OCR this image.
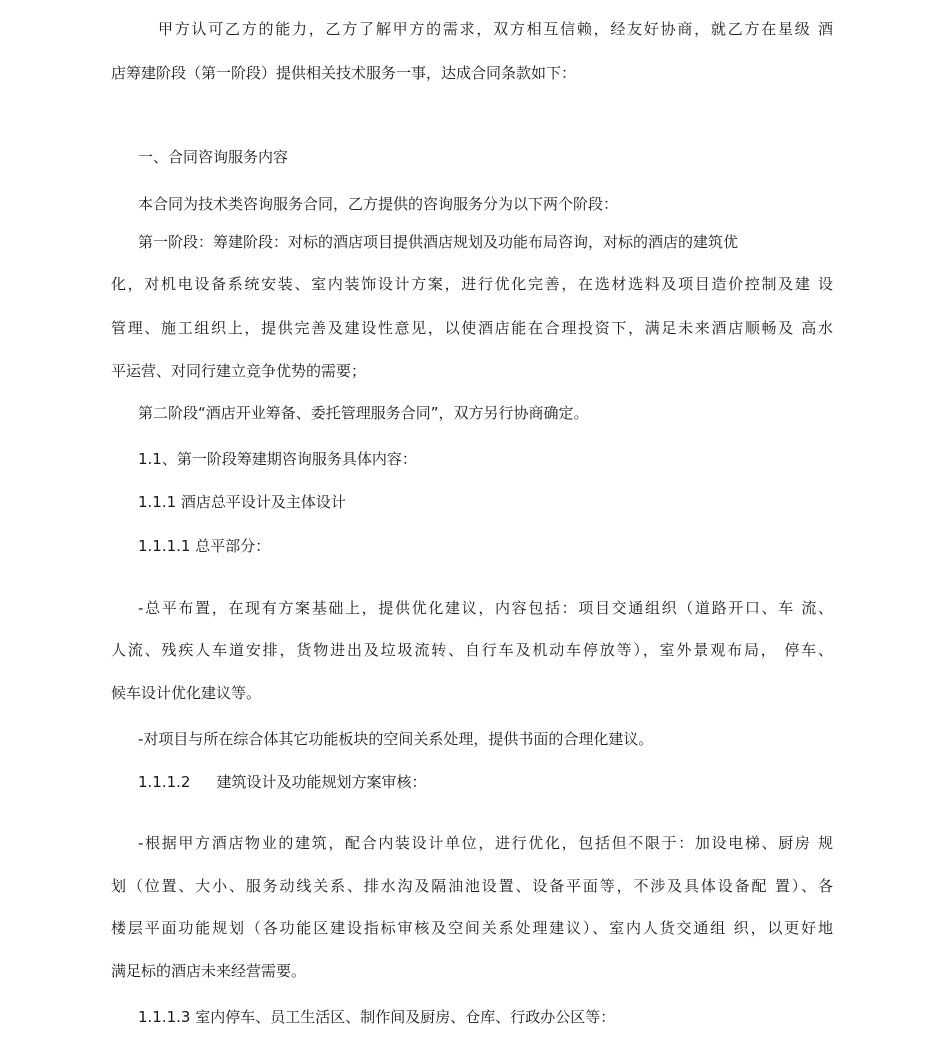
甲方认可乙方的能力，乙方了解甲方的需求，双方相互信赖，经友好协商，就乙方在星级 酒
店筹建阶段（第一阶段）提供相关技术服务一事，达成合同条款如下：
一、合同咨询服务内容
本合同为技术类咨询服务合同，乙方提供的咨询服务分为以下两个阶段：
第一阶段：筹建阶段：对标的酒店项目提供酒店规划及功能布局咨询，对标的酒店的建筑优
化，对机电设备系统安装、室内装饰设计方案，进行优化完善，在选材选料及项目造价控制及建 设
管理、施工组织上，提供完善及建设性意见，以使酒店能在合理投资下，满足未来酒店顺畅及 高水
平运营、对同行建立竞争优势的需要；
第二阶段“酒店开业筹备、委托管理服务合同”，双方另行协商确定。
1.1、第一阶段筹建期咨询服务具体内容：
1.1.1 酒店总平设计及主体设计
1.1.1.1 总平部分：
-总平布置，在现有方案基础上，提供优化建议，内容包括：项目交通组织（道路开口、车 流、
人流、残疾人车道安排，货物进出及垃圾流转、自行车及机动车停放等），室外景观布局， 停车、
候车设计优化建议等。
-对项目与所在综合体其它功能板块的空间关系处理，提供书面的合理化建议。
1.1.1.2 建筑设计及功能规划方案审核：
-根据甲方酒店物业的建筑，配合内装设计单位，进行优化，包括但不限于：加设电梯、厨房 规
划（位置、大小、服务动线关系、排水沟及隔油池设置、设备平面等，不涉及具体设备配 置）、各
楼层平面功能规划（各功能区建设指标审核及空间关系处理建议）、室内人货交通组 织，以更好地
满足标的酒店未来经营需要。
1.1.1.3 室内停车、员工生活区、制作间及厨房、仓库、行政办公区等：
